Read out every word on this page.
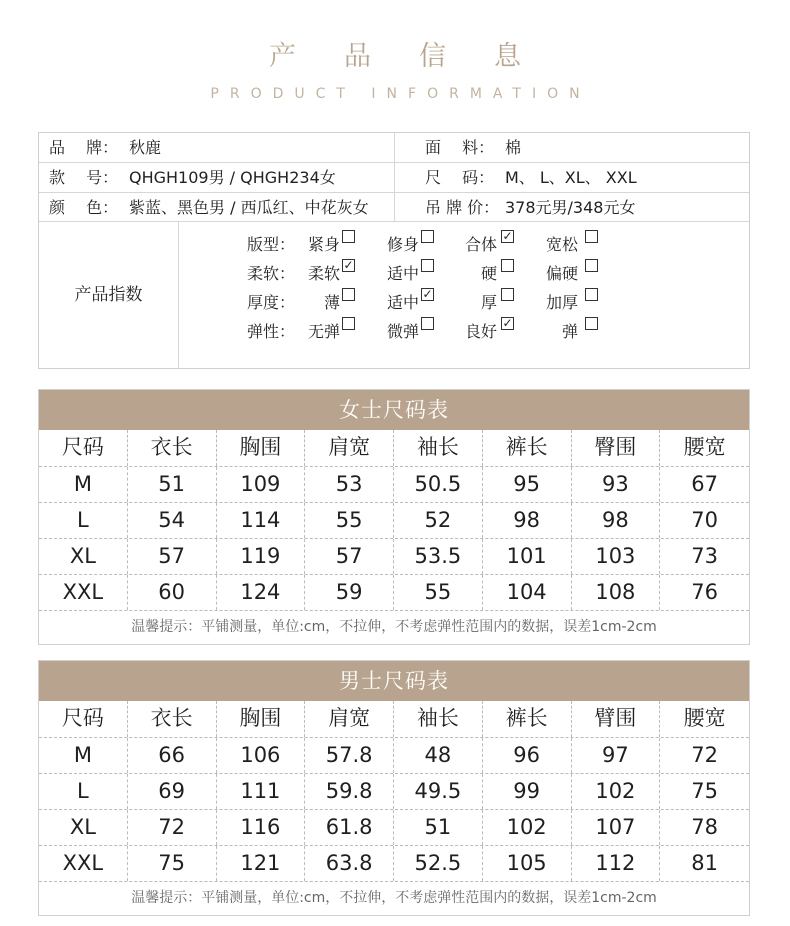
产品信息
PRODUCT INFORMATION
品　 牌： 秋鹿	面　 料： 棉
款　 号： QHGH109男 / QHGH234女	尺　 码： M、 L、XL、 XXL
颜　 色： 紫蓝、黑色男 / 西瓜红、中花灰女	吊 牌 价： 378元男/348元女
产品指数
版型： 紧身	修身	合体 ✓ 宽松
柔软： 柔软 ✓ 适中	硬	偏硬
厚度： 薄	适中 ✓	厚	加厚
弹性： 无弹	微弹	良好 ✓	弹
女士尺码表
尺码	衣长	胸围	肩宽	袖长	裤长	臀围	腰宽
M	51	109	53	50.5	95	93	67
L	54	114	55	52	98	98	70
XL	57	119	57	53.5	101	103	73
XXL	60	124	59	55	104	108	76
温馨提示：平铺测量，单位:cm，不拉伸，不考虑弹性范围内的数据，误差1cm-2cm
男士尺码表
尺码	衣长	胸围	肩宽	袖长	裤长	臂围	腰宽
M	66	106	57.8	48	96	97	72
L	69	111	59.8	49.5	99	102	75
XL	72	116	61.8	51	102	107	78
XXL	75	121	63.8	52.5	105	112	81
温馨提示：平铺测量，单位:cm，不拉伸，不考虑弹性范围内的数据，误差1cm-2cm
